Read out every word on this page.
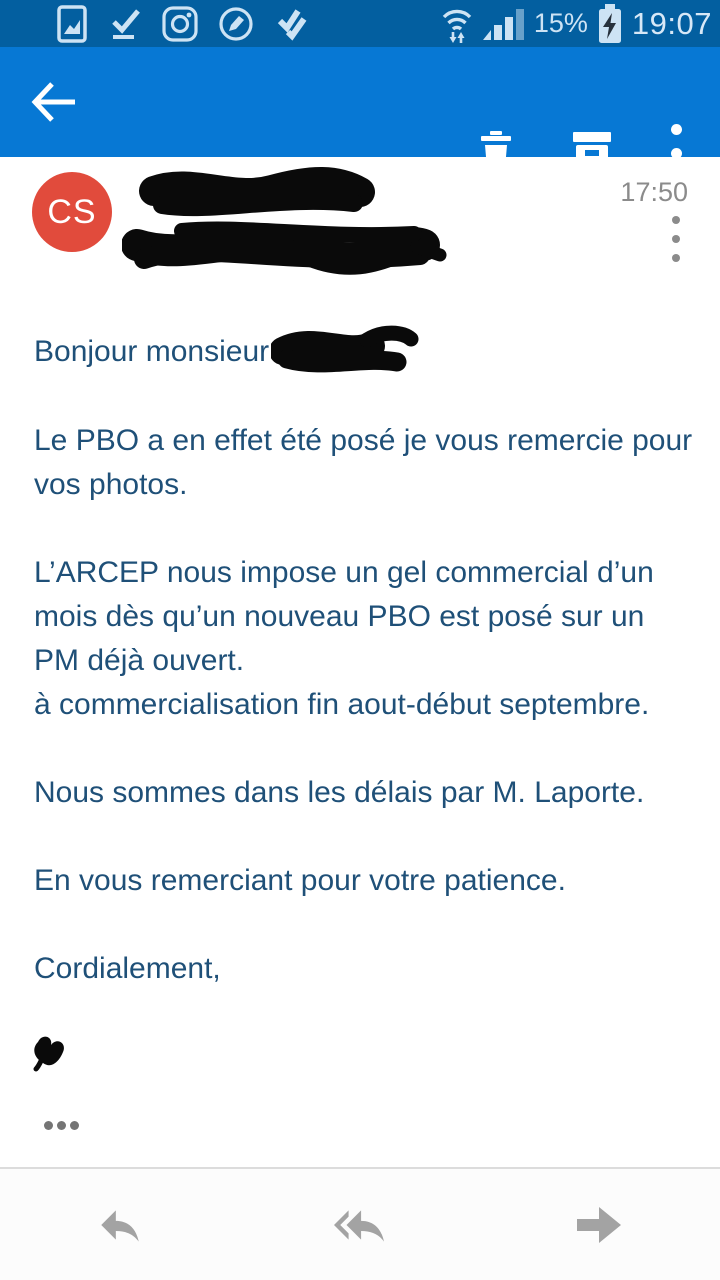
15% 19:07
CS
17:50

Bonjour monsieur

Le PBO a en effet été posé je vous remercie pour vos photos.

L’ARCEP nous impose un gel commercial d’un mois dès qu’un nouveau PBO est posé sur un PM déjà ouvert.

à commercialisation fin aout-début septembre.

Nous sommes dans les délais par M. Laporte.

En vous remerciant pour votre patience.

Cordialement,
